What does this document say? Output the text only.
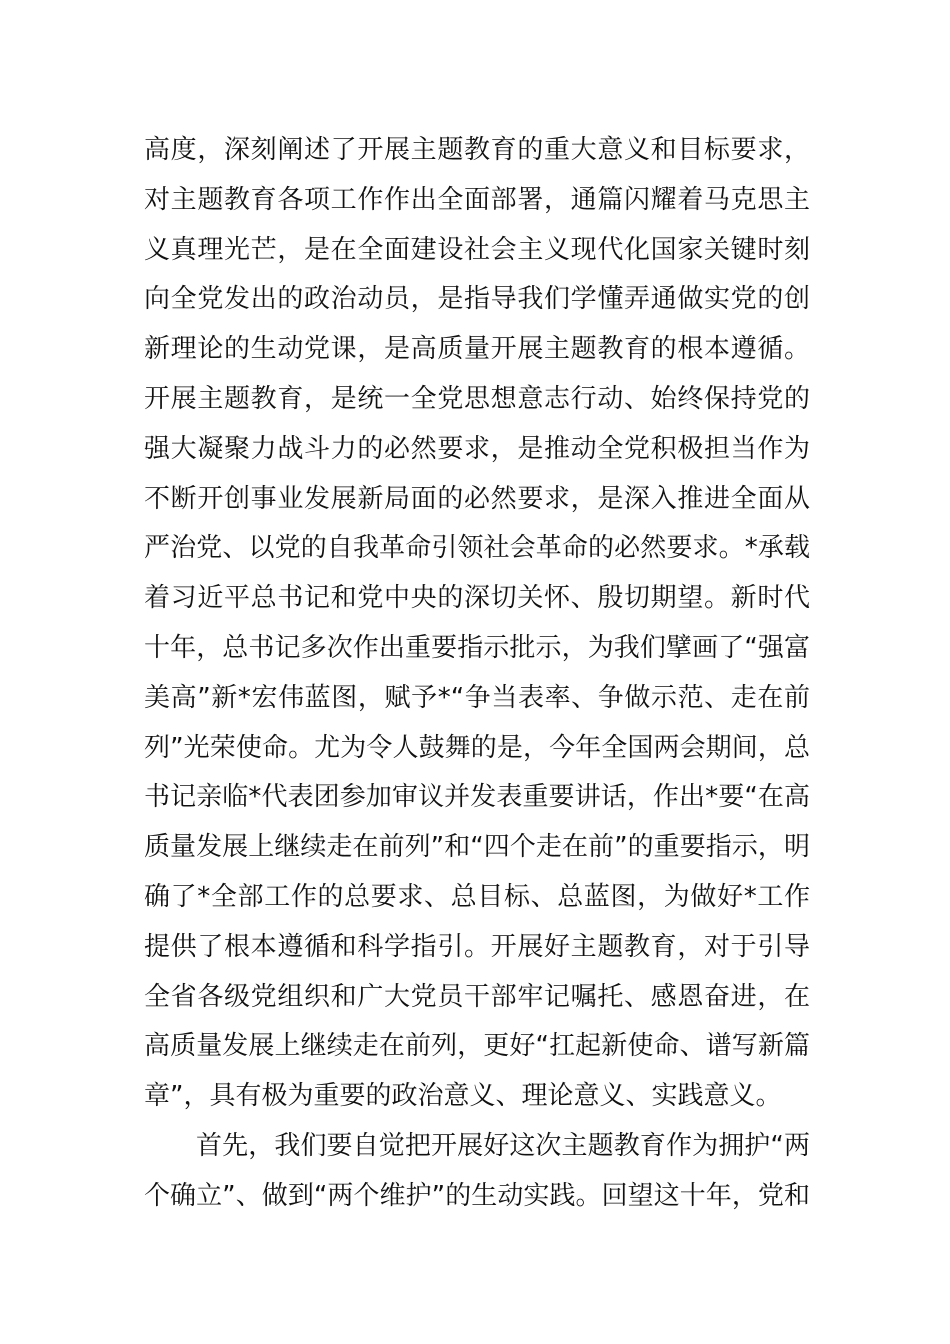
高度，深刻阐述了开展主题教育的重大意义和目标要求，
对主题教育各项工作作出全面部署，通篇闪耀着马克思主
义真理光芒，是在全面建设社会主义现代化国家关键时刻
向全党发出的政治动员，是指导我们学懂弄通做实党的创
新理论的生动党课，是高质量开展主题教育的根本遵循。
开展主题教育，是统一全党思想意志行动、始终保持党的
强大凝聚力战斗力的必然要求，是推动全党积极担当作为
不断开创事业发展新局面的必然要求，是深入推进全面从
严治党、以党的自我革命引领社会革命的必然要求。*承载
着习近平总书记和党中央的深切关怀、殷切期望。新时代
十年，总书记多次作出重要指示批示，为我们擘画了“强富
美高”新*宏伟蓝图，赋予*“争当表率、争做示范、走在前
列”光荣使命。尤为令人鼓舞的是，今年全国两会期间，总
书记亲临*代表团参加审议并发表重要讲话，作出*要“在高
质量发展上继续走在前列”和“四个走在前”的重要指示，明
确了*全部工作的总要求、总目标、总蓝图，为做好*工作
提供了根本遵循和科学指引。开展好主题教育，对于引导
全省各级党组织和广大党员干部牢记嘱托、感恩奋进，在
高质量发展上继续走在前列，更好“扛起新使命、谱写新篇
章”，具有极为重要的政治意义、理论意义、实践意义。
首先，我们要自觉把开展好这次主题教育作为拥护“两
个确立”、做到“两个维护”的生动实践。回望这十年，党和
